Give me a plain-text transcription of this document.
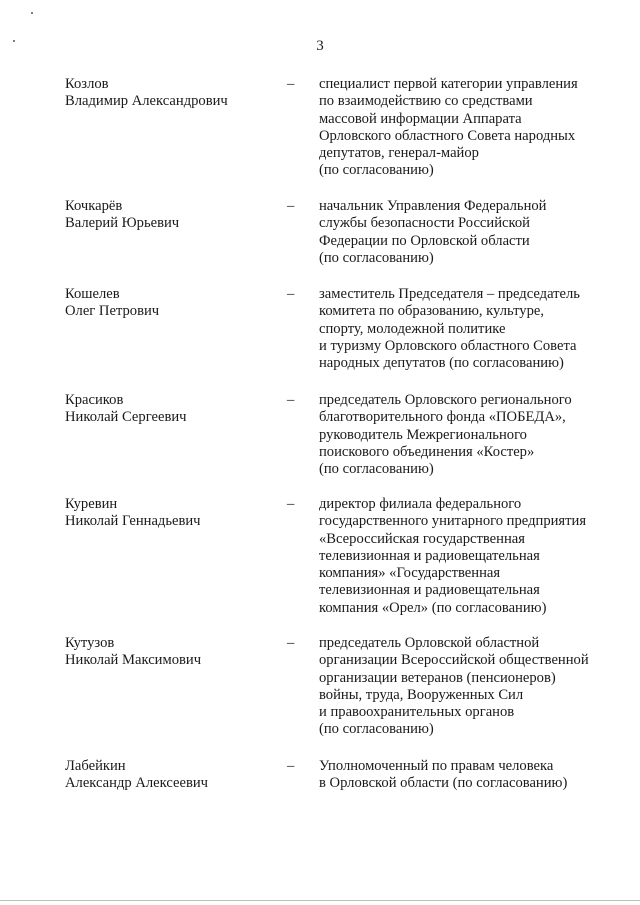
3
Козлов
Владимир Александрович
– специалист первой категории управления
по взаимодействию со средствами
массовой информации Аппарата
Орловского областного Совета народных
депутатов, генерал-майор
(по согласованию)
Кочкарёв
Валерий Юрьевич
– начальник Управления Федеральной
службы безопасности Российской
Федерации по Орловской области
(по согласованию)
Кошелев
Олег Петрович
– заместитель Председателя – председатель
комитета по образованию, культуре,
спорту, молодежной политике
и туризму Орловского областного Совета
народных депутатов (по согласованию)
Красиков
Николай Сергеевич
– председатель Орловского регионального
благотворительного фонда «ПОБЕДА»,
руководитель Межрегионального
поискового объединения «Костер»
(по согласованию)
Куревин
Николай Геннадьевич
– директор филиала федерального
государственного унитарного предприятия
«Всероссийская государственная
телевизионная и радиовещательная
компания» «Государственная
телевизионная и радиовещательная
компания «Орел» (по согласованию)
Кутузов
Николай Максимович
– председатель Орловской областной
организации Всероссийской общественной
организации ветеранов (пенсионеров)
войны, труда, Вооруженных Сил
и правоохранительных органов
(по согласованию)
Лабейкин
Александр Алексеевич
– Уполномоченный по правам человека
в Орловской области (по согласованию)
